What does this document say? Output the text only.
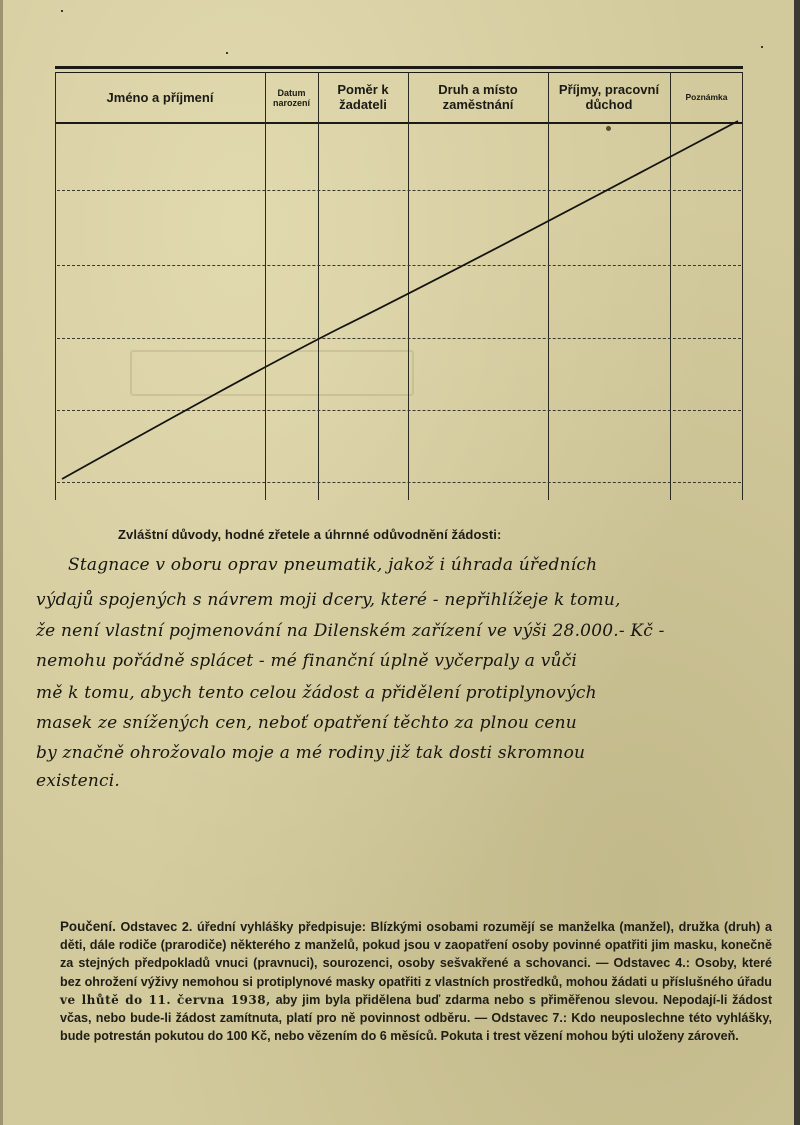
Jméno a příjmení	Datum narození
Poměr k žadateli
Druh a místo zaměstnání
Příjmy, pracovní důchod	Poznámka
Zvláštní důvody, hodné zřetele a úhrnné odůvodnění žádosti:
Stagnace v oboru oprav pneumatik, jakož i úhrada úředních
výdajů spojených s návrem moji dcery, které - nepřihlížeje k tomu,
že není vlastní pojmenování na Dilenském zařízení ve výši 28.000.- Kč -
nemohu pořádně splácet - mé finanční úplně vyčerpaly a vůči
mě k tomu, abych tento celou žádost a přidělení protiplynových
masek ze snížených cen, neboť opatření těchto za plnou cenu
by značně ohrožovalo moje a mé rodiny již tak dosti skromnou
existenci.
Poučení. Odstavec 2. úřední vyhlášky předpisuje: Blízkými osobami rozumějí se manželka (manžel), družka (druh) a děti, dále rodiče (prarodiče) některého z manželů, pokud jsou v zaopatření osoby povinné opatřiti jim masku, konečně za stejných předpokladů vnuci (pravnuci), sourozenci, osoby sešvakřené a schovanci. — Odstavec 4.: Osoby, které bez ohrožení výživy nemohou si protiplynové masky opatřiti z vlastních prostředků, mohou žádati u příslušného úřadu ve lhůtě do 11. června 1938, aby jim byla přidělena buď zdarma nebo s přiměřenou slevou. Nepodají-li žádost včas, nebo bude-li žádost zamítnuta, platí pro ně povinnost odběru. — Odstavec 7.: Kdo neuposlechne této vyhlášky, bude potrestán pokutou do 100 Kč, nebo vězením do 6 měsíců. Pokuta i trest vězení mohou býti uloženy zároveň.
